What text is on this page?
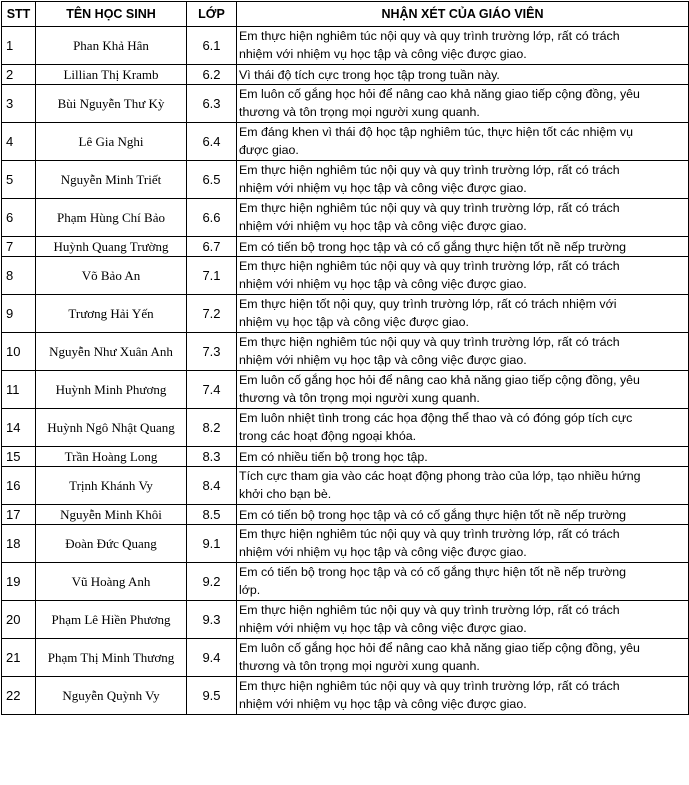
STT	TÊN HỌC SINH	LỚP	NHẬN XÉT CỦA GIÁO VIÊN
1	Phan Khả Hân	6.1	Em thực hiện nghiêm túc nội quy và quy trình trường lớp, rất có trách
nhiệm với nhiệm vụ học tập và công việc được giao.
2	Lillian Thị Kramb	6.2	Vì thái độ tích cực trong học tập trong tuần này.
3	Bùi Nguyễn Thư Kỳ	6.3	Em luôn cố gắng học hỏi để nâng cao khả năng giao tiếp cộng đồng, yêu
thương và tôn trọng mọi người xung quanh.
4	Lê Gia Nghi	6.4	Em đáng khen vì thái độ học tập nghiêm túc, thực hiện tốt các nhiệm vụ
được giao.
5	Nguyễn Minh Triết	6.5	Em thực hiện nghiêm túc nội quy và quy trình trường lớp, rất có trách
nhiệm với nhiệm vụ học tập và công việc được giao.
6	Phạm Hùng Chí Bảo	6.6	Em thực hiện nghiêm túc nội quy và quy trình trường lớp, rất có trách
nhiệm với nhiệm vụ học tập và công việc được giao.
7	Huỳnh Quang Trường	6.7	Em có tiến bộ trong học tập và có cố gắng thực hiện tốt nề nếp trường
8	Võ Bảo An	7.1	Em thực hiện nghiêm túc nội quy và quy trình trường lớp, rất có trách
nhiệm với nhiệm vụ học tập và công việc được giao.
9	Trương Hải Yến	7.2	Em thực hiện tốt nội quy, quy trình trường lớp, rất có trách nhiệm với
nhiệm vụ học tập và công việc được giao.
10	Nguyễn Như Xuân Anh	7.3	Em thực hiện nghiêm túc nội quy và quy trình trường lớp, rất có trách
nhiệm với nhiệm vụ học tập và công việc được giao.
11	Huỳnh Minh Phương	7.4	Em luôn cố gắng học hỏi để nâng cao khả năng giao tiếp cộng đồng, yêu
thương và tôn trọng mọi người xung quanh.
14	Huỳnh Ngô Nhật Quang	8.2	Em luôn nhiệt tình trong các họa động thể thao và có đóng góp tích cực
trong các hoạt động ngoại khóa.
15	Trần Hoàng Long	8.3	Em có nhiều tiến bộ trong học tập.
16	Trịnh Khánh Vy	8.4	Tích cực tham gia vào các hoạt động phong trào của lớp, tạo nhiều hứng
khởi cho bạn bè.
17	Nguyễn Minh Khôi	8.5	Em có tiến bộ trong học tập và có cố gắng thực hiện tốt nề nếp trường
18	Đoàn Đức Quang	9.1	Em thực hiện nghiêm túc nội quy và quy trình trường lớp, rất có trách
nhiệm với nhiệm vụ học tập và công việc được giao.
19	Vũ Hoàng Anh	9.2	Em có tiến bộ trong học tập và có cố gắng thực hiện tốt nề nếp trường
lớp.
20	Phạm Lê Hiền Phương	9.3	Em thực hiện nghiêm túc nội quy và quy trình trường lớp, rất có trách
nhiệm với nhiệm vụ học tập và công việc được giao.
21	Phạm Thị Minh Thương	9.4	Em luôn cố gắng học hỏi để nâng cao khả năng giao tiếp cộng đồng, yêu
thương và tôn trọng mọi người xung quanh.
22	Nguyễn Quỳnh Vy	9.5	Em thực hiện nghiêm túc nội quy và quy trình trường lớp, rất có trách
nhiệm với nhiệm vụ học tập và công việc được giao.
